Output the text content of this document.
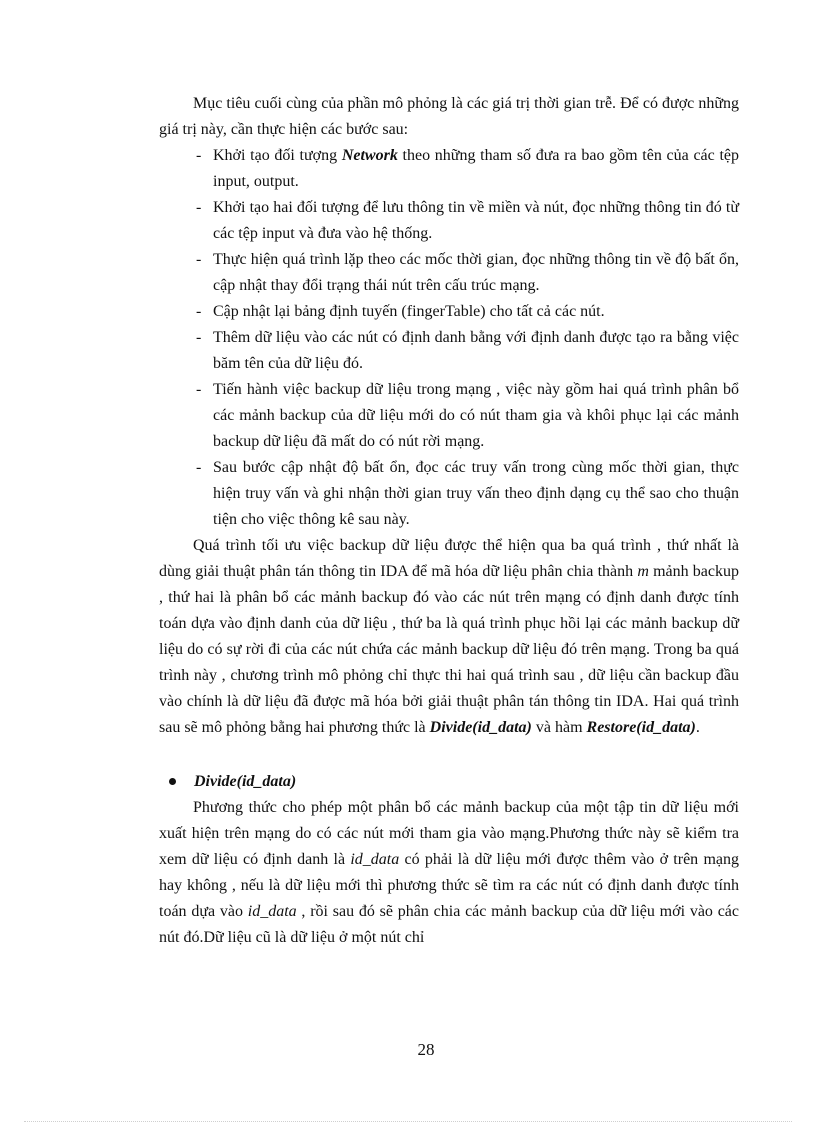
Mục tiêu cuối cùng của phần mô phỏng là các giá trị thời gian trễ. Để có được những giá trị này, cần thực hiện các bước sau:

- Khởi tạo đối tượng Network theo những tham số đưa ra bao gồm tên của các tệp input, output.
- Khởi tạo hai đối tượng để lưu thông tin về miền và nút, đọc những thông tin đó từ các tệp input và đưa vào hệ thống.
- Thực hiện quá trình lặp theo các mốc thời gian, đọc những thông tin về độ bất ổn, cập nhật thay đổi trạng thái nút trên cấu trúc mạng.
- Cập nhật lại bảng định tuyến (fingerTable) cho tất cả các nút.
- Thêm dữ liệu vào các nút có định danh bằng với định danh được tạo ra bằng việc băm tên của dữ liệu đó.
- Tiến hành việc backup dữ liệu trong mạng , việc này gồm hai quá trình phân bổ các mảnh backup của dữ liệu mới do có nút tham gia và khôi phục lại các mảnh backup dữ liệu đã mất do có nút rời mạng.
- Sau bước cập nhật độ bất ổn, đọc các truy vấn trong cùng mốc thời gian, thực hiện truy vấn và ghi nhận thời gian truy vấn theo định dạng cụ thể sao cho thuận tiện cho việc thông kê sau này.

Quá trình tối ưu việc backup dữ liệu được thể hiện qua ba quá trình , thứ nhất là dùng giải thuật phân tán thông tin IDA để mã hóa dữ liệu phân chia thành m mảnh backup , thứ hai là phân bổ các mảnh backup đó vào các nút trên mạng có định danh được tính toán dựa vào định danh của dữ liệu , thứ ba là quá trình phục hồi lại các mảnh backup dữ liệu do có sự rời đi của các nút chứa các mảnh backup dữ liệu đó trên mạng. Trong ba quá trình này , chương trình mô phỏng chỉ thực thi hai quá trình sau , dữ liệu cần backup đầu vào chính là dữ liệu đã được mã hóa bởi giải thuật phân tán thông tin IDA. Hai quá trình sau sẽ mô phỏng bằng hai phương thức là Divide(id_data) và hàm Restore(id_data).

Divide(id_data)

Phương thức cho phép một phân bổ các mảnh backup của một tập tin dữ liệu mới xuất hiện trên mạng do có các nút mới tham gia vào mạng.Phương thức này sẽ kiểm tra xem dữ liệu có định danh là id_data có phải là dữ liệu mới được thêm vào ở trên mạng hay không , nếu là dữ liệu mới thì phương thức sẽ tìm ra các nút có định danh được tính toán dựa vào id_data , rồi sau đó sẽ phân chia các mảnh backup của dữ liệu mới vào các nút đó.Dữ liệu cũ là dữ liệu ở một nút chỉ

28
